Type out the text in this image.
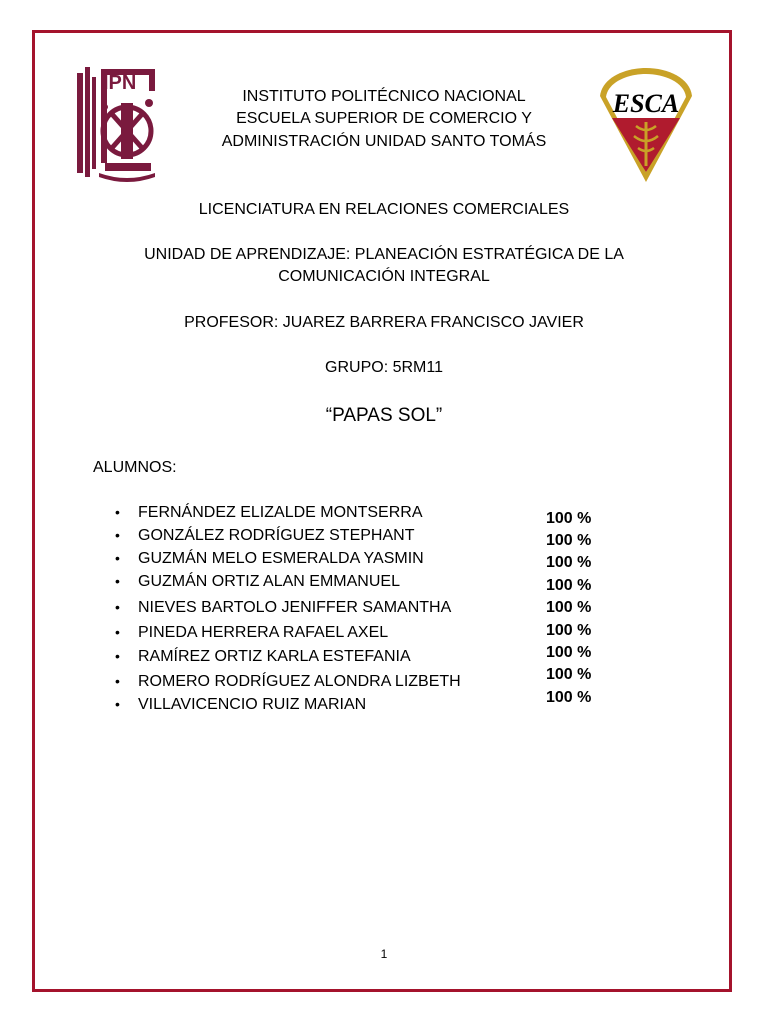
IPN
ESCA
INSTITUTO POLITÉCNICO NACIONAL
ESCUELA SUPERIOR DE COMERCIO Y
ADMINISTRACIÓN UNIDAD SANTO TOMÁS
LICENCIATURA EN RELACIONES COMERCIALES
UNIDAD DE APRENDIZAJE: PLANEACIÓN ESTRATÉGICA DE LA
COMUNICACIÓN INTEGRAL
PROFESOR: JUAREZ BARRERA FRANCISCO JAVIER
GRUPO: 5RM11
“PAPAS SOL”
ALUMNOS:
• FERNÁNDEZ ELIZALDE MONTSERRA
• GONZÁLEZ RODRÍGUEZ STEPHANT
• GUZMÁN MELO ESMERALDA YASMIN
• GUZMÁN ORTIZ ALAN EMMANUEL
• NIEVES BARTOLO JENIFFER SAMANTHA
• PINEDA HERRERA RAFAEL AXEL
• RAMÍREZ ORTIZ KARLA ESTEFANIA
• ROMERO RODRÍGUEZ ALONDRA LIZBETH
• VILLAVICENCIO RUIZ MARIAN
100 %
100 %
100 %
100 %
100 %
100 %
100 %
100 %
100 %
1
